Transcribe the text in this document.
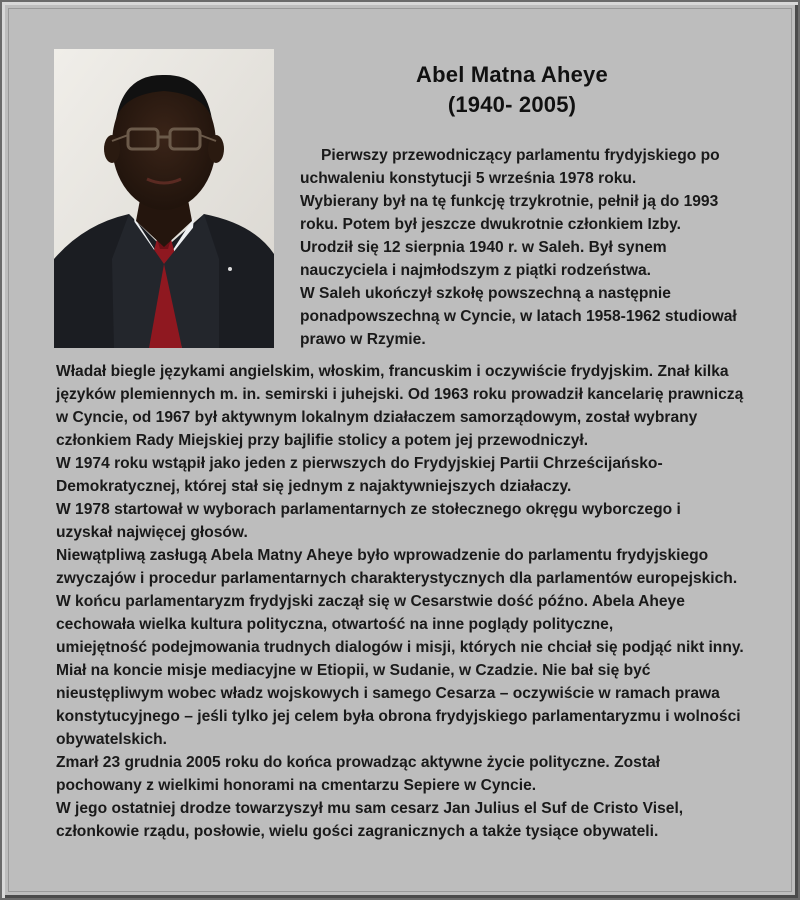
Abel Matna Aheye
(1940- 2005)

Pierwszy przewodniczący parlamentu frydyjskiego po
uchwaleniu konstytucji 5 września 1978 roku.
Wybierany był na tę funkcję trzykrotnie, pełnił ją do 1993
roku. Potem był jeszcze dwukrotnie członkiem Izby.
Urodził się 12 sierpnia 1940 r. w Saleh. Był synem
nauczyciela i najmłodszym z piątki rodzeństwa.
W Saleh ukończył szkołę powszechną a następnie
ponadpowszechną w Cyncie, w latach 1958-1962 studiował
prawo w Rzymie.

Władał biegle językami angielskim, włoskim, francuskim i oczywiście frydyjskim. Znał kilka
języków plemiennych m. in. semirski i juhejski. Od 1963 roku prowadził kancelarię prawniczą
w Cyncie, od 1967 był aktywnym lokalnym działaczem samorządowym, został wybrany
członkiem Rady Miejskiej przy bajlifie stolicy a potem jej przewodniczył.
W 1974 roku wstąpił jako jeden z pierwszych do Frydyjskiej Partii Chrześcijańsko-
Demokratycznej, której stał się jednym z najaktywniejszych działaczy.
W 1978 startował w wyborach parlamentarnych ze stołecznego okręgu wyborczego i
uzyskał najwięcej głosów.
Niewątpliwą zasługą Abela Matny Aheye było wprowadzenie do parlamentu frydyjskiego
zwyczajów i procedur parlamentarnych charakterystycznych dla parlamentów europejskich.
W końcu parlamentaryzm frydyjski zaczął się w Cesarstwie dość późno. Abela Aheye
cechowała wielka kultura polityczna, otwartość na inne poglądy polityczne,
umiejętność podejmowania trudnych dialogów i misji, których nie chciał się podjąć nikt inny.
Miał na koncie misje mediacyjne w Etiopii, w Sudanie, w Czadzie. Nie bał się być
nieustępliwym wobec władz wojskowych i samego Cesarza – oczywiście w ramach prawa
konstytucyjnego – jeśli tylko jej celem była obrona frydyjskiego parlamentaryzmu i wolności
obywatelskich.
Zmarł 23 grudnia 2005 roku do końca prowadząc aktywne życie polityczne. Został
pochowany z wielkimi honorami na cmentarzu Sepiere w Cyncie.
W jego ostatniej drodze towarzyszył mu sam cesarz Jan Julius el Suf de Cristo Visel,
członkowie rządu, posłowie, wielu gości zagranicznych a także tysiące obywateli.
